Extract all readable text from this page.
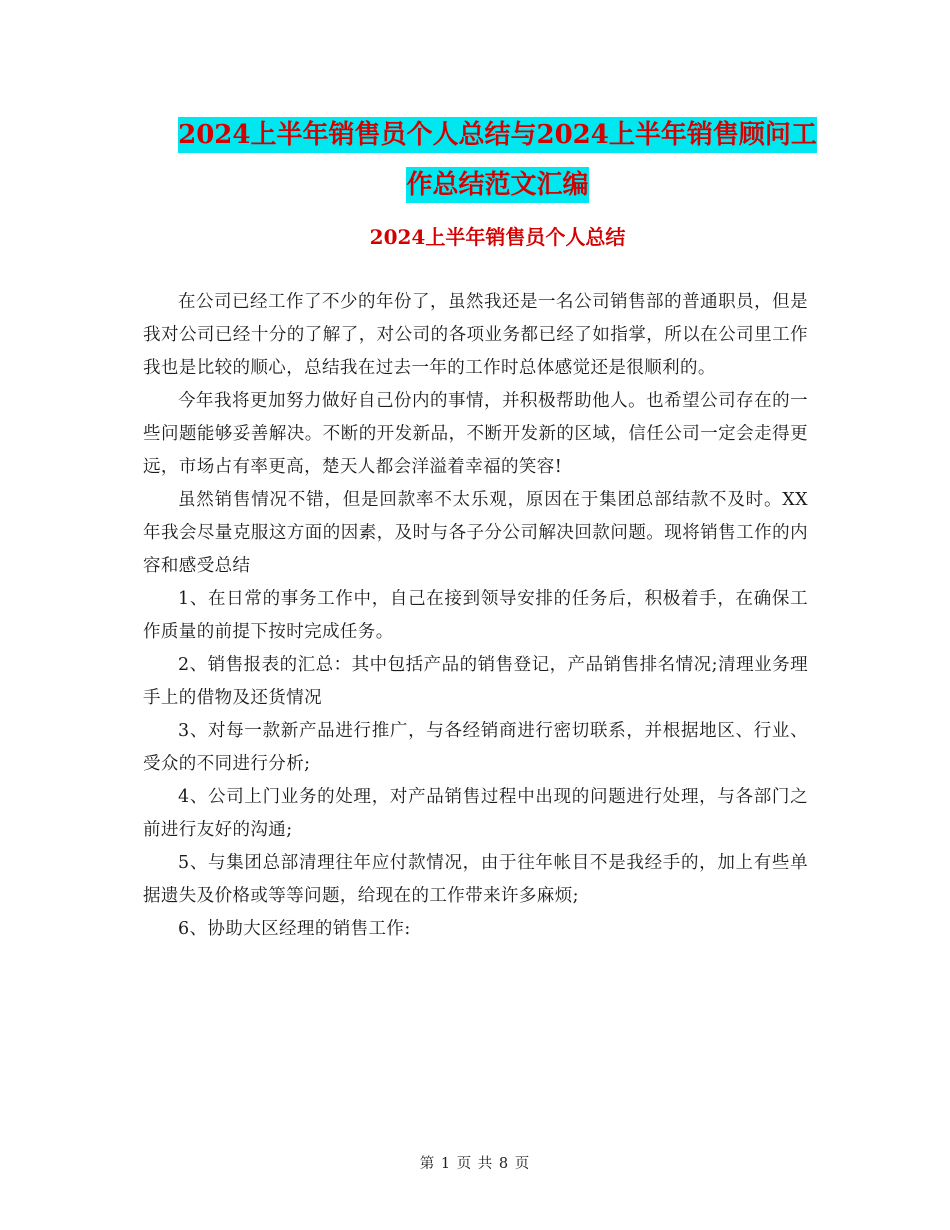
2024上半年销售员个人总结与2024上半年销售顾问工
作总结范文汇编
2024上半年销售员个人总结

在公司已经工作了不少的年份了，虽然我还是一名公司销售部的普通职员，但是我对公司已经十分的了解了，对公司的各项业务都已经了如指掌，所以在公司里工作我也是比较的顺心，总结我在过去一年的工作时总体感觉还是很顺利的。

今年我将更加努力做好自己份内的事情，并积极帮助他人。也希望公司存在的一些问题能够妥善解决。不断的开发新品，不断开发新的区域，信任公司一定会走得更远，市场占有率更高，楚天人都会洋溢着幸福的笑容!

虽然销售情况不错，但是回款率不太乐观，原因在于集团总部结款不及时。XX年我会尽量克服这方面的因素，及时与各子分公司解决回款问题。现将销售工作的内容和感受总结

1、在日常的事务工作中，自己在接到领导安排的任务后，积极着手，在确保工作质量的前提下按时完成任务。

2、销售报表的汇总：其中包括产品的销售登记，产品销售排名情况;清理业务理手上的借物及还货情况

3、对每一款新产品进行推广，与各经销商进行密切联系，并根据地区、行业、受众的不同进行分析;

4、公司上门业务的处理，对产品销售过程中出现的问题进行处理，与各部门之前进行友好的沟通;

5、与集团总部清理往年应付款情况，由于往年帐目不是我经手的，加上有些单据遗失及价格或等等问题，给现在的工作带来许多麻烦;

6、协助大区经理的销售工作:

第 1 页 共 8 页
